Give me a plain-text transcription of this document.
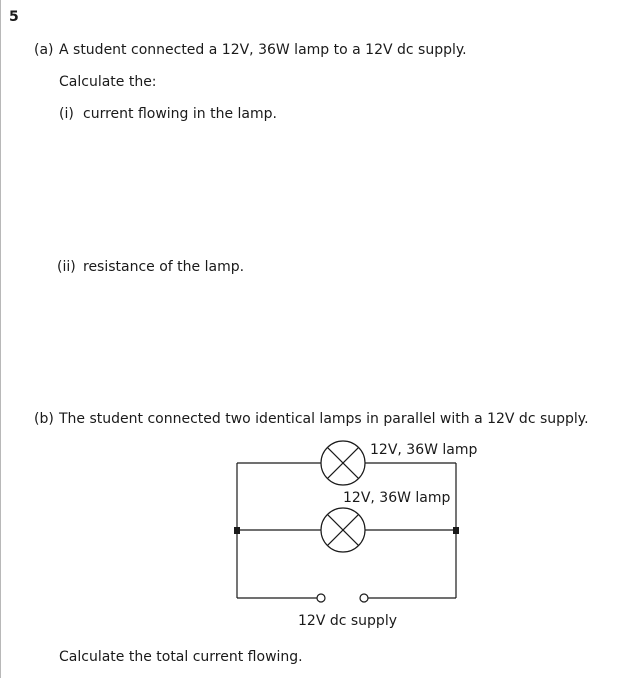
5
(a) A student connected a 12V, 36W lamp to a 12V dc supply.
Calculate the:
(i) current flowing in the lamp.
(ii) resistance of the lamp.
(b) The student connected two identical lamps in parallel with a 12V dc supply.
12V, 36W lamp
12V, 36W lamp
12V dc supply
Calculate the total current flowing.
